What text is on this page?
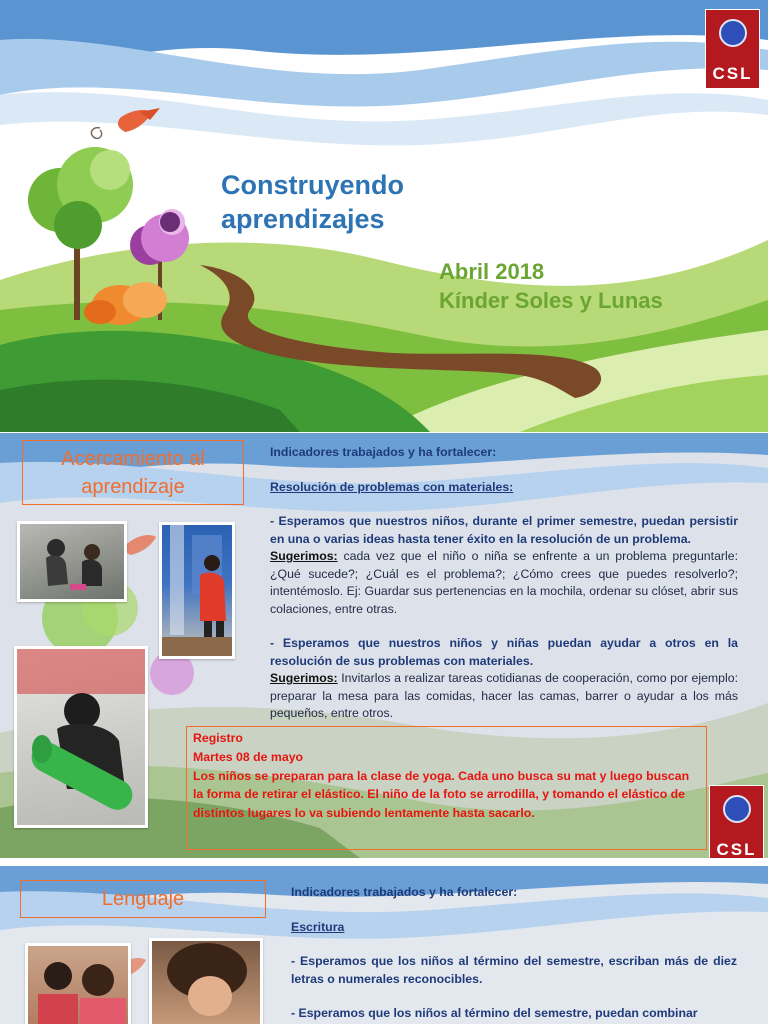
Construyendo
aprendizajes
Abril 2018
Kínder Soles y Lunas
CSL
Acercamiento al
aprendizaje

Indicadores trabajados y ha fortalecer:

Resolución de problemas con materiales:

- Esperamos que nuestros niños, durante el primer semestre, puedan persistir en una o varias ideas hasta tener éxito en la resolución de un problema.

Sugerimos: cada vez que el niño o niña se enfrente a un problema preguntarle: ¿Qué sucede?; ¿Cuál es el problema?; ¿Cómo crees que puedes resolverlo?; intentémoslo. Ej: Guardar sus pertenencias en la mochila, ordenar su clóset, abrir sus colaciones, entre otras.

- Esperamos que nuestros niños y niñas puedan ayudar a otros en la resolución de sus problemas con materiales.

Sugerimos: Invitarlos a realizar tareas cotidianas de cooperación, como por ejemplo: preparar la mesa para las comidas, hacer las camas, barrer o ayudar a los más pequeños, entre otros.

Registro
Martes 08 de mayo
Los niños se preparan para la clase de yoga. Cada uno busca su mat y luego buscan la forma de retirar el elástico. El niño de la foto se arrodilla, y tomando el elástico de distintos lugares lo va subiendo lentamente hasta sacarlo.
CSL
Lenguaje	Indicadores trabajados y ha fortalecer:

Escritura

- Esperamos que los niños al término del semestre, escriban más de diez letras o numerales reconocibles.

- Esperamos que los niños al término del semestre, puedan combinar
